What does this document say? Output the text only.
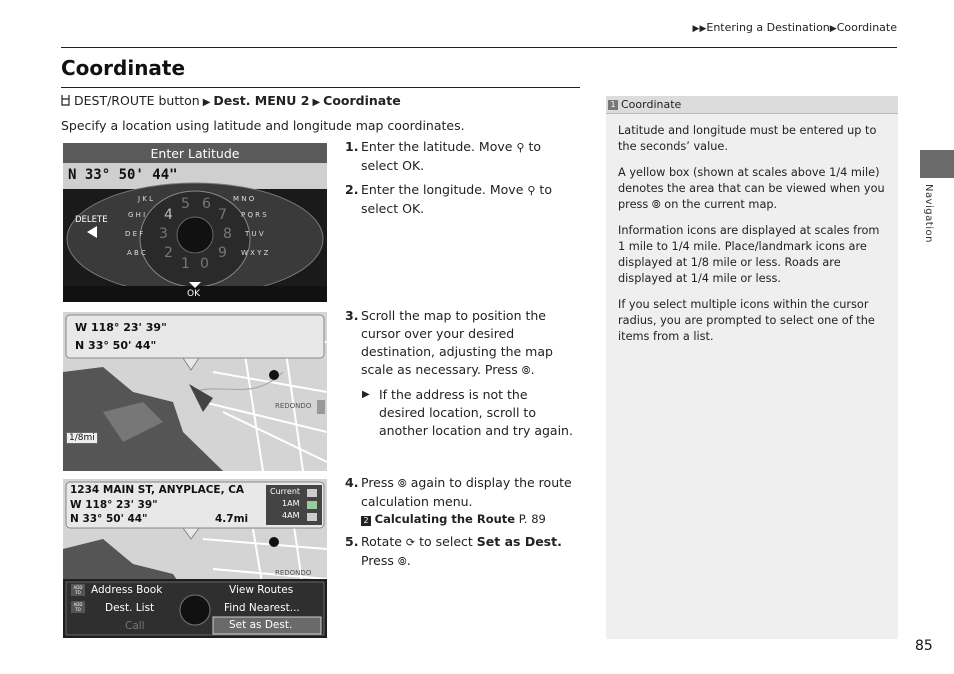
▶▶Entering a Destination▶Coordinate
Coordinate
DEST/ROUTE button ▶ Dest. MENU 2 ▶ Coordinate
Specify a location using latitude and longitude map coordinates.
Enter Latitude
N 33° 50' 44"
DELETE
OK
J K L	M N O
G H I	P Q R S
D E F	T U V
A B C	W X Y Z
4
5 6
7
3	8
2
1 0
9
W 118° 23' 39"
N 33° 50' 44"
1/8mi
REDONDO
1234 MAIN ST, ANYPLACE, CA
W 118° 23' 39"
N 33° 50' 44"	4.7mi
Current
1AM
4AM
REDONDO
ADD TO
ADD TO
Address Book	View Routes
Dest. List	Find Nearest...
Call	Set as Dest.
1. Enter the latitude. Move ⚲ to select OK.
2. Enter the longitude. Move ⚲ to select OK.
3. Scroll the map to position the cursor over your desired destination, adjusting the map scale as necessary. Press ⦾.
▶ If the address is not the desired location, scroll to another location and try again.
4. Press ⦾ again to display the route calculation menu.
2 Calculating the Route P. 89
5. Rotate ⟳ to select Set as Dest. Press ⦾.
1 Coordinate

Latitude and longitude must be entered up to the seconds’ value.

A yellow box (shown at scales above 1/4 mile) denotes the area that can be viewed when you press ⦾ on the current map.

Information icons are displayed at scales from 1 mile to 1/4 mile. Place/landmark icons are displayed at 1/8 mile or less. Roads are displayed at 1/4 mile or less.

If you select multiple icons within the cursor radius, you are prompted to select one of the items from a list.

Navigation
85
